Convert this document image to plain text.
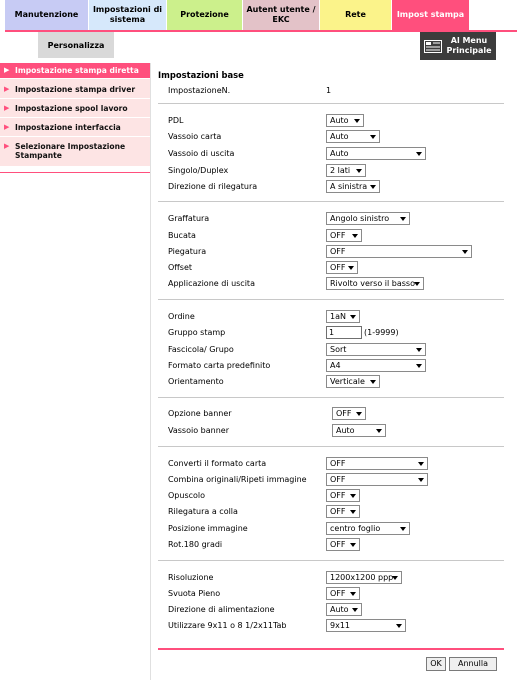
Manutenzione
Impostazioni di sistema
Protezione
Autent utente / EKC
Rete	Impost stampa
Personalizza	Al Menu Principale
▶ Impostazione stampa diretta
▶ Impostazione stampa driver
▶ Impostazione spool lavoro
▶ Impostazione interfaccia
▶ Selezionare Impostazione Stampante
Impostazioni base
ImpostazioneN.	1
PDL	Auto
Vassoio carta	Auto
Vassoio di uscita	Auto
Singolo/Duplex	2 lati
Direzione di rilegatura	A sinistra
Graffatura	Angolo sinistro
Bucata	OFF
Piegatura	OFF
Offset	OFF
Applicazione di uscita	Rivolto verso il basso
Ordine	1aN
Gruppo stamp	1	(1-9999)
Fascicola/ Grupo	Sort
Formato carta predefinito	A4
Orientamento	Verticale
Opzione banner	OFF
Vassoio banner	Auto
Converti il formato carta	OFF
Combina originali/Ripeti immagine	OFF
Opuscolo	OFF
Rilegatura a colla	OFF
Posizione immagine	centro foglio
Rot.180 gradi	OFF
Risoluzione	1200x1200 ppp
Svuota Pieno	OFF
Direzione di alimentazione	Auto
Utilizzare 9x11 o 8 1/2x11Tab	9x11
OK	Annulla
